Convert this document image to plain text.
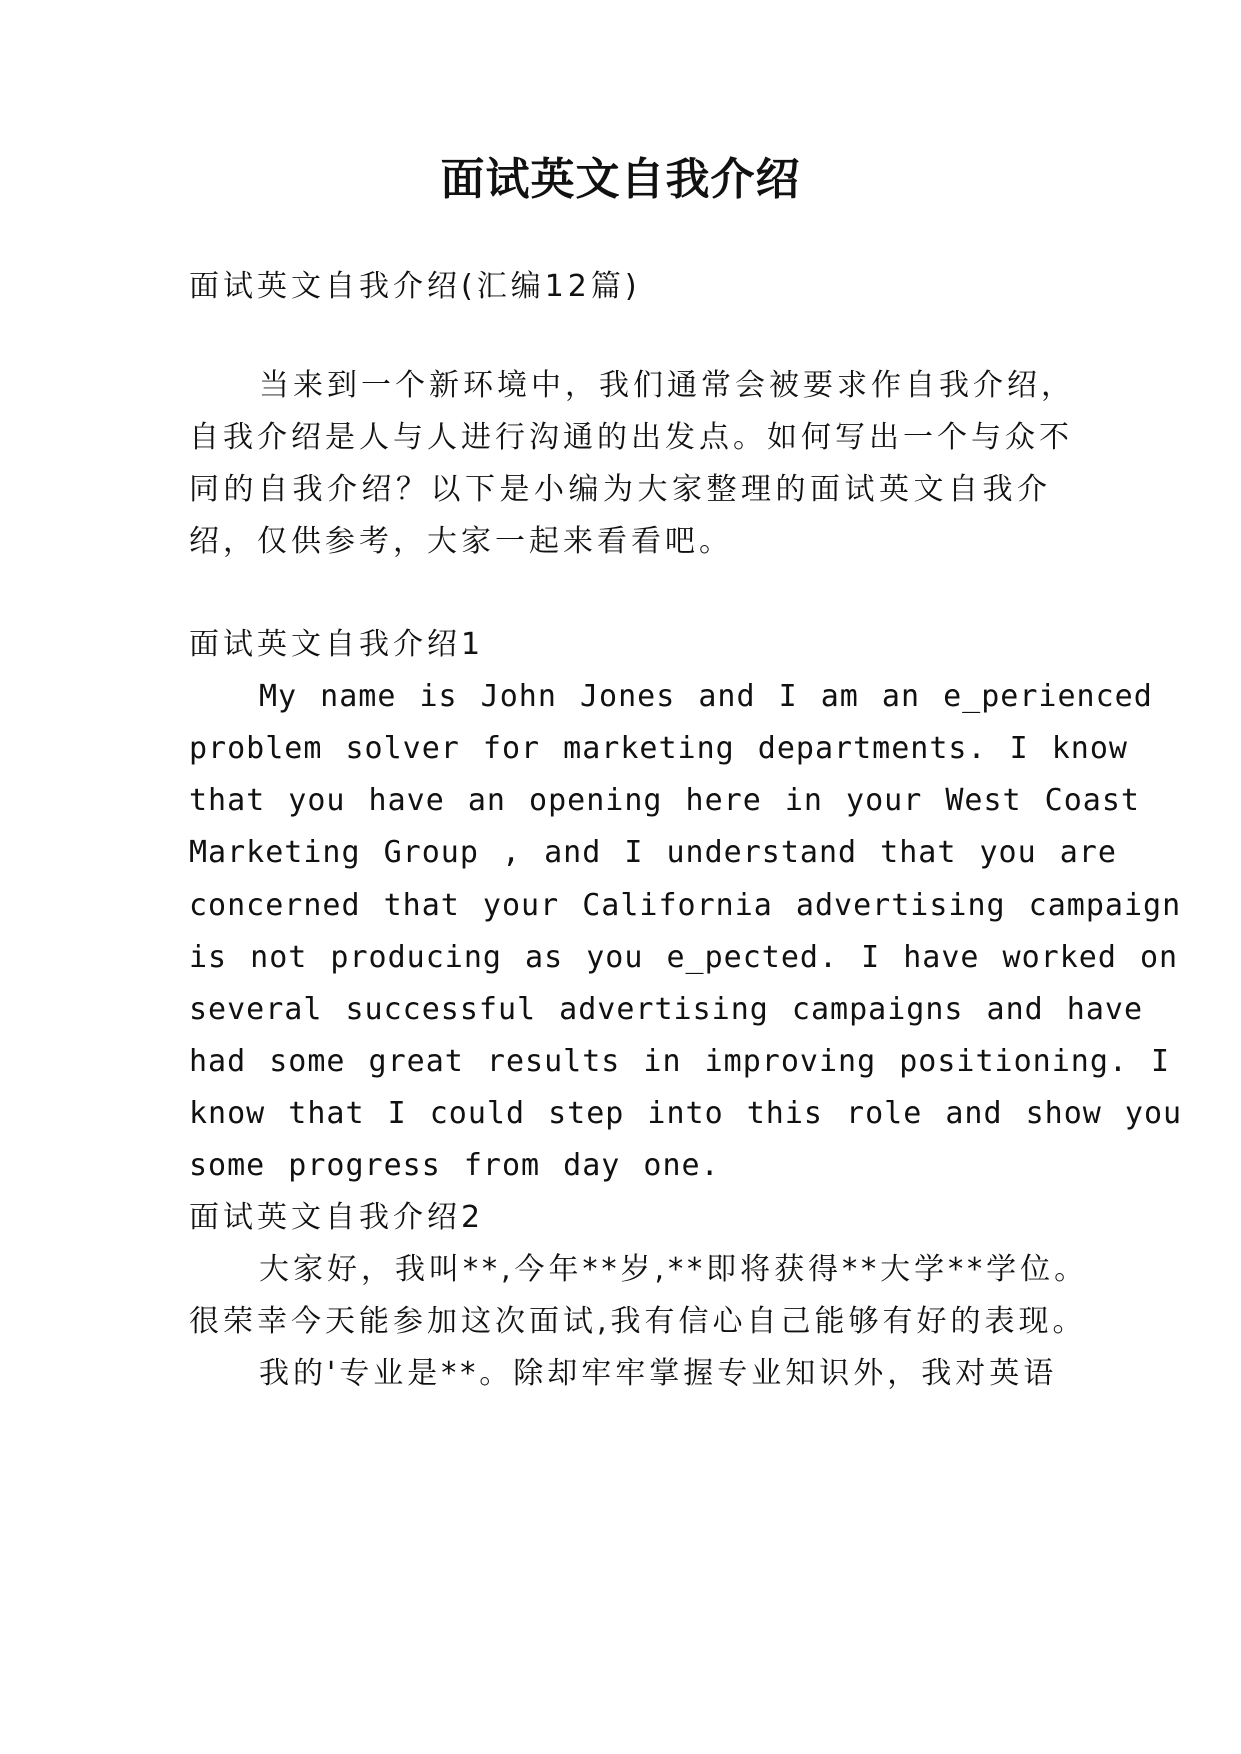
面试英文自我介绍
面试英文自我介绍(汇编12篇)
当来到一个新环境中，我们通常会被要求作自我介绍，
自我介绍是人与人进行沟通的出发点。如何写出一个与众不
同的自我介绍？以下是小编为大家整理的面试英文自我介
绍，仅供参考，大家一起来看看吧。
面试英文自我介绍1
My name is John Jones and I am an e_perienced
problem solver for marketing departments. I know
that you have an opening here in your West Coast
Marketing Group , and I understand that you are
concerned that your California advertising campaign
is not producing as you e_pected. I have worked on
several successful advertising campaigns and have
had some great results in improving positioning. I
know that I could step into this role and show you
some progress from day one.
面试英文自我介绍2
大家好，我叫**,今年**岁,**即将获得**大学**学位。
很荣幸今天能参加这次面试,我有信心自己能够有好的表现。
我的'专业是**。除却牢牢掌握专业知识外，我对英语
